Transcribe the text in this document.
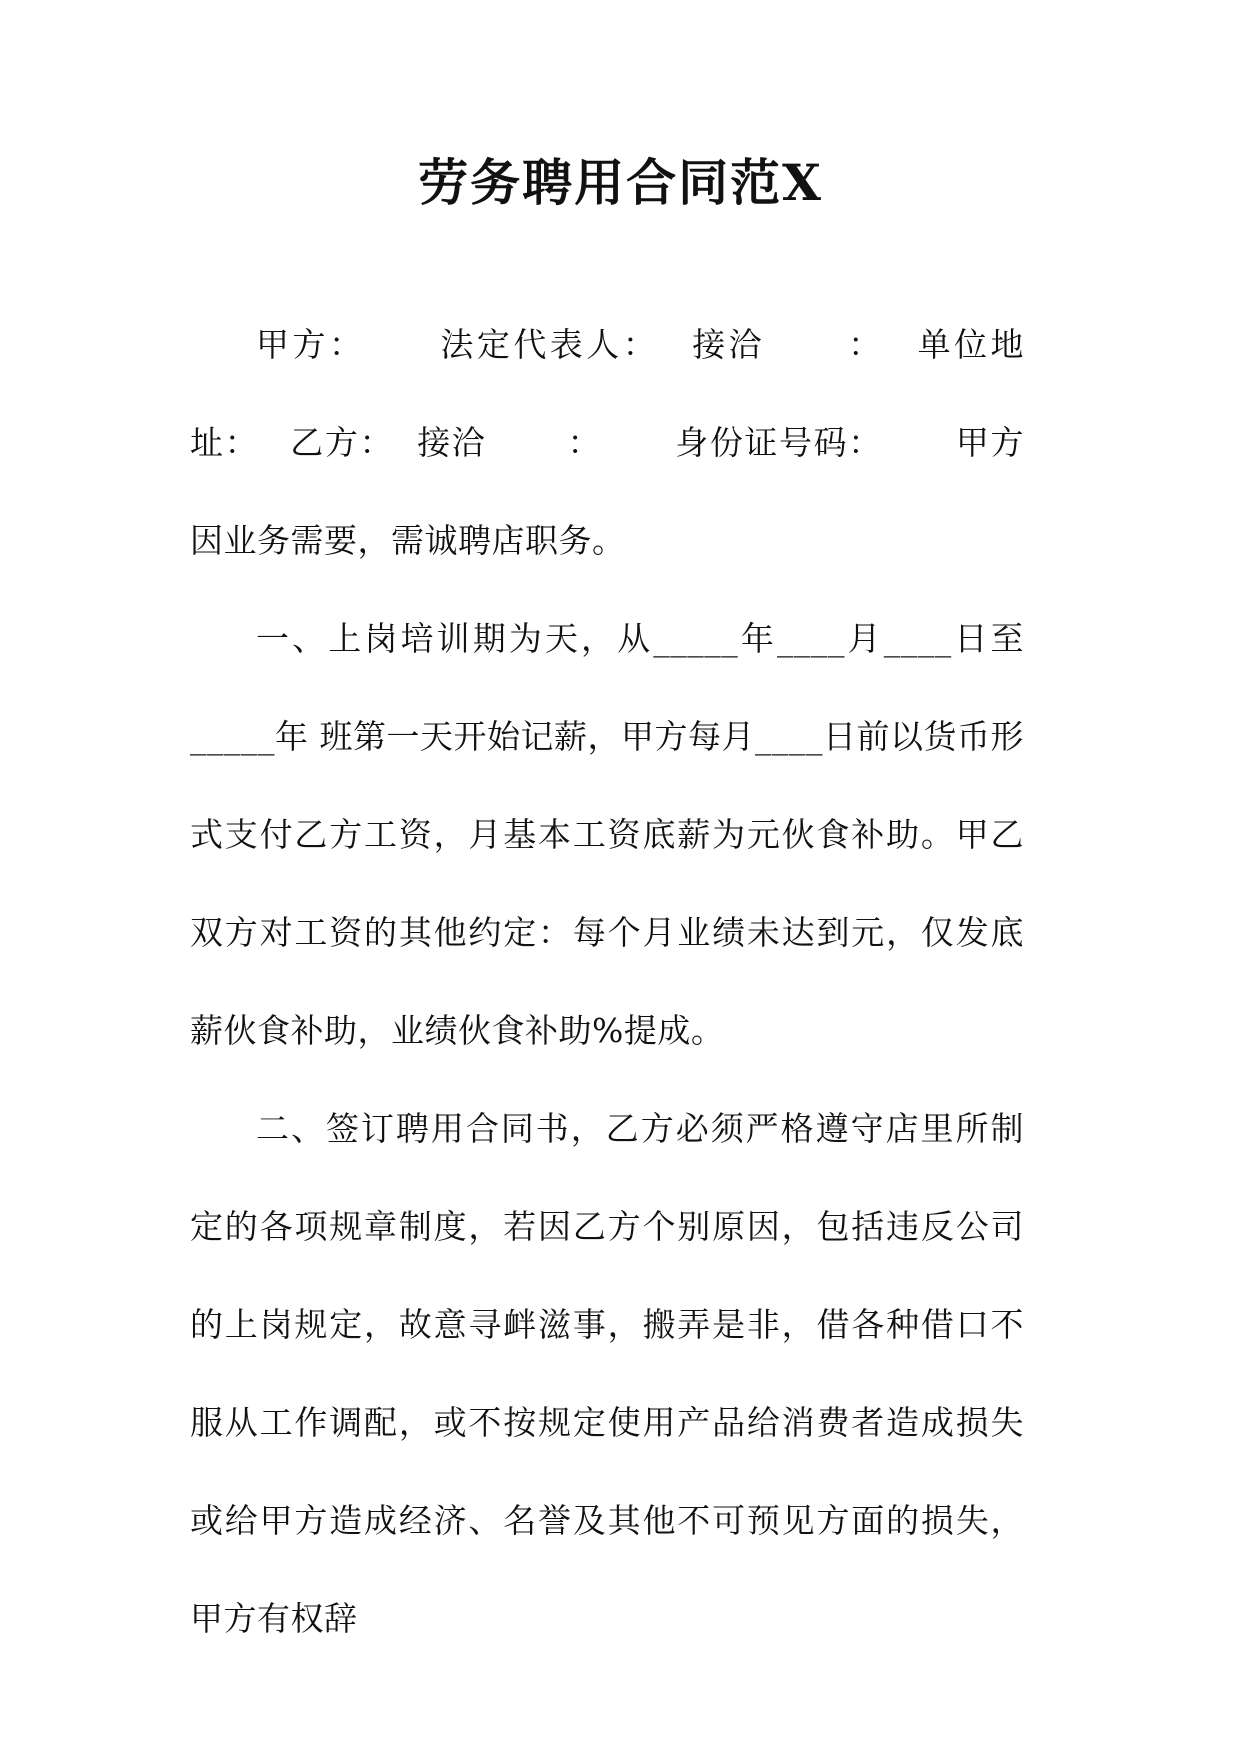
劳务聘用合同范X

甲方： 法定代表人： 接洽 ： 单位地址： 乙方： 接洽 ： 身份证号码： 甲方因业务需要，需诚聘店职务。

一、上岗培训期为天，从_____年____月____日至_____年 班第一天开始记薪，甲方每月____日前以货币形式支付乙方工资，月基本工资底薪为元伙食补助。甲乙双方对工资的其他约定：每个月业绩未达到元，仅发底薪伙食补助，业绩伙食补助%提成。

二、签订聘用合同书，乙方必须严格遵守店里所制定的各项规章制度，若因乙方个别原因，包括违反公司的上岗规定，故意寻衅滋事，搬弄是非，借各种借口不服从工作调配，或不按规定使用产品给消费者造成损失或给甲方造成经济、名誉及其他不可预见方面的损失，甲方有权辞
